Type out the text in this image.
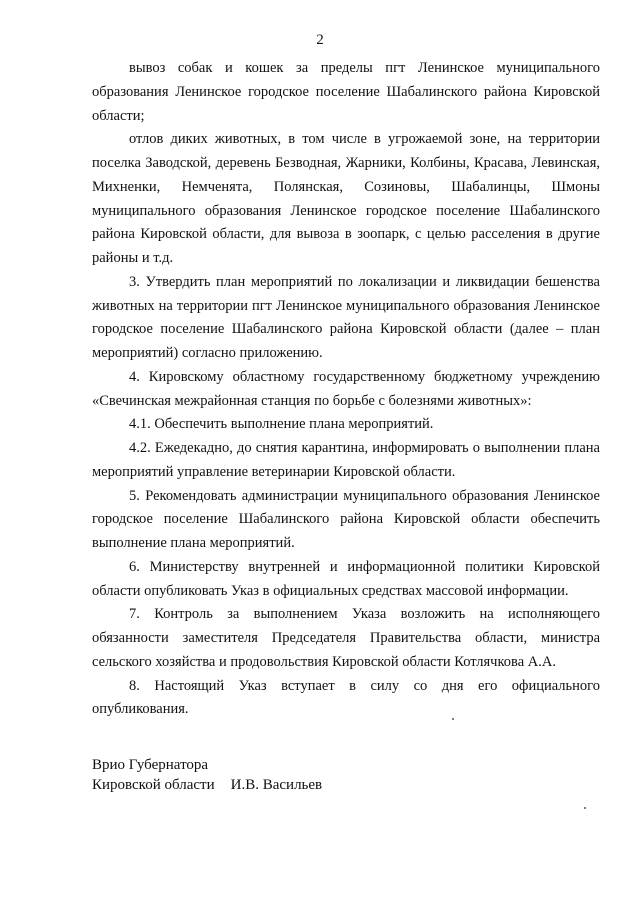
2

вывоз собак и кошек за пределы пгт Ленинское муниципального образования Ленинское городское поселение Шабалинского района Кировской области;

отлов диких животных, в том числе в угрожаемой зоне, на территории поселка Заводской, деревень Безводная, Жарники, Колбины, Красава, Левинская, Михненки, Немченята, Полянская, Созиновы, Шабалинцы, Шмоны муниципального образования Ленинское городское поселение Шабалинского района Кировской области, для вывоза в зоопарк, с целью расселения в другие районы и т.д.

3. Утвердить план мероприятий по локализации и ликвидации бешенства животных на территории пгт Ленинское муниципального образования Ленинское городское поселение Шабалинского района Кировской области (далее – план мероприятий) согласно приложению.

4. Кировскому областному государственному бюджетному учреждению «Свечинская межрайонная станция по борьбе с болезнями животных»:

4.1. Обеспечить выполнение плана мероприятий.

4.2. Ежедекадно, до снятия карантина, информировать о выполнении плана мероприятий управление ветеринарии Кировской области.

5. Рекомендовать администрации муниципального образования Ленинское городское поселение Шабалинского района Кировской области обеспечить выполнение плана мероприятий.

6. Министерству внутренней и информационной политики Кировской области опубликовать Указ в официальных средствах массовой информации.

7. Контроль за выполнением Указа возложить на исполняющего обязанности заместителя Председателя Правительства области, министра сельского хозяйства и продовольствия Кировской области Котлячкова А.А.

8. Настоящий Указ вступает в силу со дня его официального опубликования.

Врио Губернатора
Кировской области И.В. Васильев
